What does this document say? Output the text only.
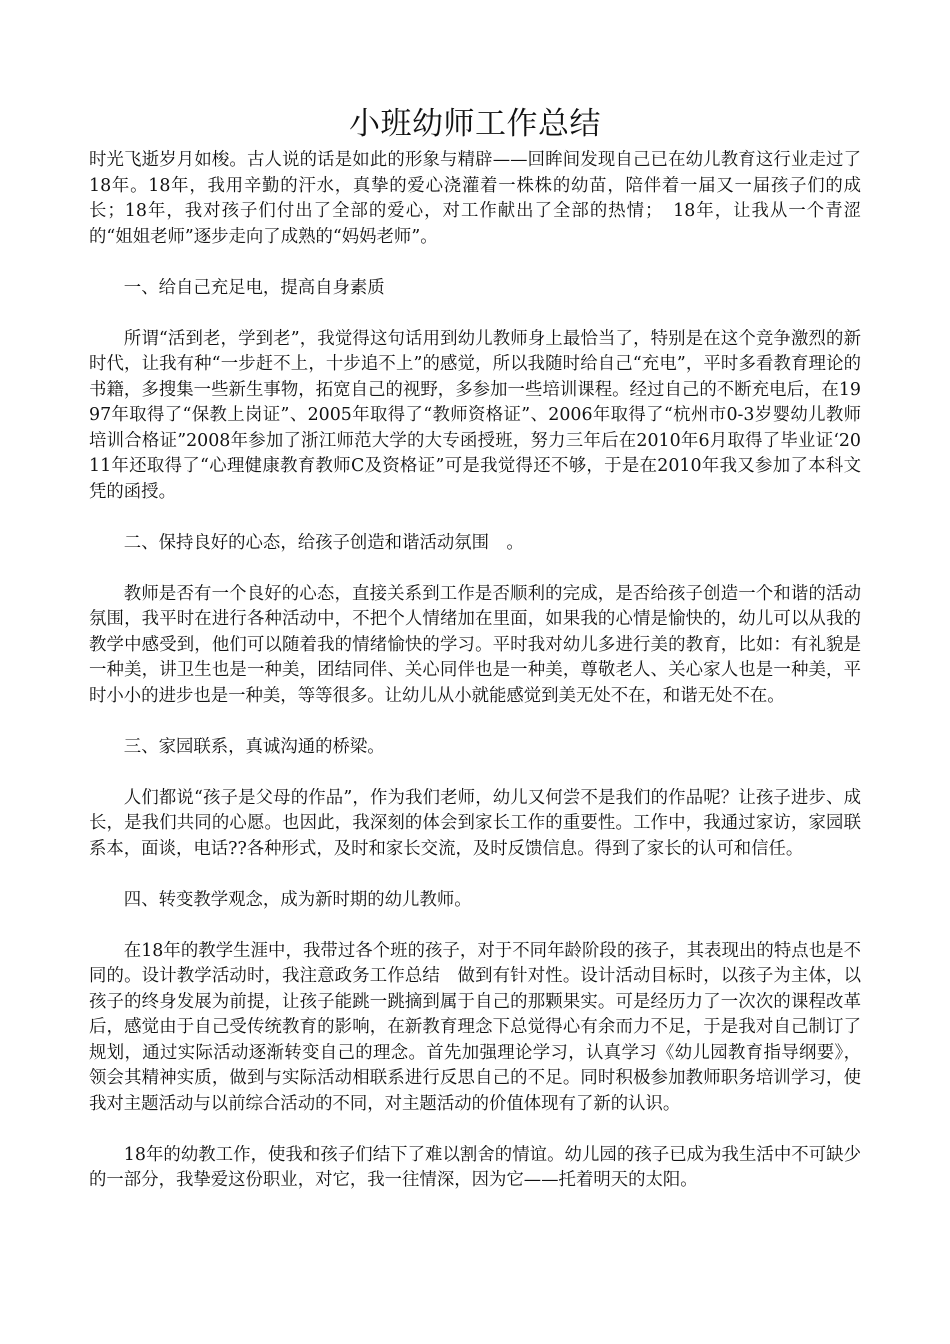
小班幼师工作总结

时光飞逝岁月如梭。古人说的话是如此的形象与精辟——回眸间发现自己已在幼儿教育这行业走过了18年。18年，我用辛勤的汗水，真挚的爱心浇灌着一株株的幼苗，陪伴着一届又一届孩子们的成长；18年，我对孩子们付出了全部的爱心，对工作献出了全部的热情；　18年，让我从一个青涩的“姐姐老师”逐步走向了成熟的“妈妈老师”。

一、给自己充足电，提高自身素质

所谓“活到老，学到老”，我觉得这句话用到幼儿教师身上最恰当了，特别是在这个竞争激烈的新时代，让我有种“一步赶不上，十步追不上”的感觉，所以我随时给自己“充电”，平时多看教育理论的书籍，多搜集一些新生事物，拓宽自己的视野，多参加一些培训课程。经过自己的不断充电后，在1997年取得了“保教上岗证”、2005年取得了“教师资格证”、2006年取得了“杭州市0-3岁婴幼儿教师培训合格证”2008年参加了浙江师范大学的大专函授班，努力三年后在2010年6月取得了毕业证‘2011年还取得了“心理健康教育教师C及资格证”可是我觉得还不够，于是在2010年我又参加了本科文凭的函授。

二、保持良好的心态，给孩子创造和谐活动氛围　。

教师是否有一个良好的心态，直接关系到工作是否顺利的完成，是否给孩子创造一个和谐的活动氛围，我平时在进行各种活动中，不把个人情绪加在里面，如果我的心情是愉快的，幼儿可以从我的教学中感受到，他们可以随着我的情绪愉快的学习。平时我对幼儿多进行美的教育，比如：有礼貌是一种美，讲卫生也是一种美，团结同伴、关心同伴也是一种美，尊敬老人、关心家人也是一种美，平时小小的进步也是一种美，等等很多。让幼儿从小就能感觉到美无处不在，和谐无处不在。

三、家园联系，真诚沟通的桥梁。

人们都说“孩子是父母的作品”，作为我们老师，幼儿又何尝不是我们的作品呢？让孩子进步、成长，是我们共同的心愿。也因此，我深刻的体会到家长工作的重要性。工作中，我通过家访，家园联系本，面谈，电话??各种形式，及时和家长交流，及时反馈信息。得到了家长的认可和信任。

四、转变教学观念，成为新时期的幼儿教师。

在18年的教学生涯中，我带过各个班的孩子，对于不同年龄阶段的孩子，其表现出的特点也是不同的。设计教学活动时，我注意政务工作总结　做到有针对性。设计活动目标时，以孩子为主体，以孩子的终身发展为前提，让孩子能跳一跳摘到属于自己的那颗果实。可是经历力了一次次的课程改革后，感觉由于自己受传统教育的影响，在新教育理念下总觉得心有余而力不足，于是我对自己制订了规划，通过实际活动逐渐转变自己的理念。首先加强理论学习，认真学习《幼儿园教育指导纲要》，领会其精神实质，做到与实际活动相联系进行反思自己的不足。同时积极参加教师职务培训学习，使我对主题活动与以前综合活动的不同，对主题活动的价值体现有了新的认识。

18年的幼教工作，使我和孩子们结下了难以割舍的情谊。幼儿园的孩子已成为我生活中不可缺少的一部分，我挚爱这份职业，对它，我一往情深，因为它——托着明天的太阳。
